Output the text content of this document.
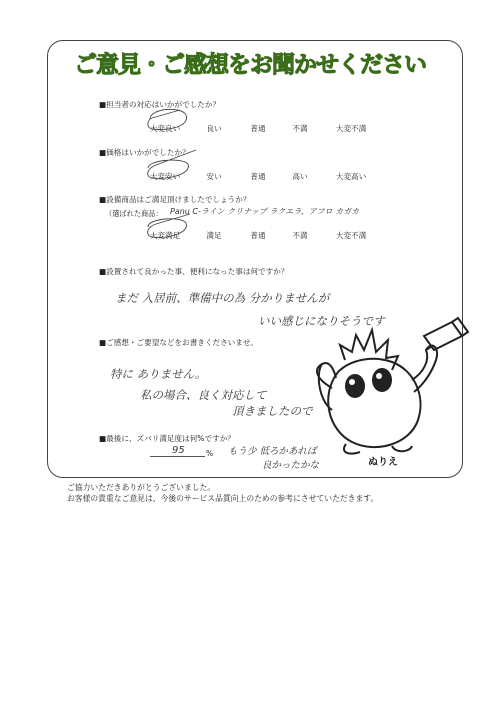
ご意見・ご感想をお聞かせください
■担当者の対応はいかがでしたか？
大変良い	良い	普通	不満	大変不満
■価格はいかがでしたか？
大変安い	安い	普通	高い	大変高い
■設備商品はご満足頂けましたでしょうか？
（選ばれた商品： Panu C-ライン クリナップ ラクエラ、アフロ カガカ
大変満足	満足	普通	不満	大変不満
■設置されて良かった事、便利になった事は何ですか？
まだ 入居前、準備中の為 分かりませんが
いい感じになりそうです
■ご感想・ご要望などをお書きくださいませ。
特に ありません。
私の場合、良く対応して
頂きましたので
■最後に、ズバリ満足度は何%ですか？
95	% もう少 低ろかあれば
良かったかな	ぬりえ
ご協力いただきありがとうございました。
お客様の貴重なご意見は、今後のサービス品質向上のための参考にさせていただきます。
